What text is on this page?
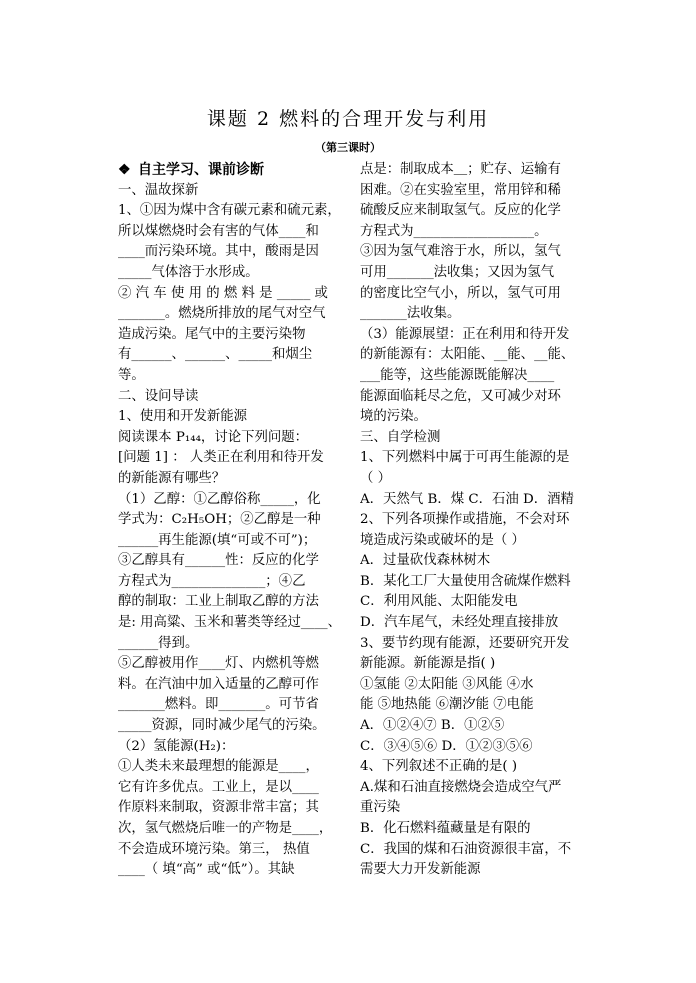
课题 2 燃料的合理开发与利用
（第三课时）
❖ 自主学习、课前诊断
一、温故探新
1、①因为煤中含有碳元素和硫元素，
所以煤燃烧时会有害的气体____和
____而污染环境。其中，酸雨是因
_____气体溶于水形成。
② 汽 车 使 用 的 燃 料 是 _____ 或
_______。燃烧所排放的尾气对空气
造成污染。尾气中的主要污染物
有______、______、_____和烟尘
等。
二、设问导读
1、使用和开发新能源
阅读课本 P₁₄₄，讨论下列问题：
[问题 1] ： 人类正在利用和待开发
的新能源有哪些？
（1）乙醇：①乙醇俗称_____，化
学式为：C₂H₅OH；②乙醇是一种
______再生能源(填“可或不可”)；
③乙醇具有______性：反应的化学
方程式为______________；④乙
醇的制取：工业上制取乙醇的方法
是: 用高粱、玉米和薯类等经过____、
______得到。
⑤乙醇被用作____灯、内燃机等燃
料。在汽油中加入适量的乙醇可作
_______燃料。即_______。可节省
_____资源，同时减少尾气的污染。
（2）氢能源(H₂)：
①人类未来最理想的能源是____，
它有许多优点。工业上，是以____
作原料来制取，资源非常丰富；其
次，氢气燃烧后唯一的产物是____，
不会造成环境污染。第三， 热值
____（ 填“高” 或“低”）。其缺
点是：制取成本＿；贮存、运输有
困难。②在实验室里，常用锌和稀
硫酸反应来制取氢气。反应的化学
方程式为__________________。
③因为氢气难溶于水，所以，氢气
可用_______法收集；又因为氢气
的密度比空气小，所以，氢气可用
_______法收集。
（3）能源展望：正在利用和待开发
的新能源有：太阳能、__能、__能、
___能等，这些能源既能解决____
能源面临耗尽之危，又可减少对环
境的污染。
三、自学检测
1、下列燃料中属于可再生能源的是
（ ）
A．天然气 B．煤 C．石油 D．酒精
2、下列各项操作或措施，不会对环
境造成污染或破坏的是（ ）
A．过量砍伐森林树木
B．某化工厂大量使用含硫煤作燃料
C．利用风能、太阳能发电
D．汽车尾气，未经处理直接排放
3、要节约现有能源，还要研究开发
新能源。新能源是指( )
①氢能 ②太阳能 ③风能 ④水
能 ⑤地热能 ⑥潮汐能 ⑦电能
A．①②④⑦ B．①②⑤
C．③④⑤⑥ D．①②③⑤⑥
4、下列叙述不正确的是( )
A.煤和石油直接燃烧会造成空气严
重污染
B．化石燃料蕴藏量是有限的
C．我国的煤和石油资源很丰富，不
需要大力开发新能源
